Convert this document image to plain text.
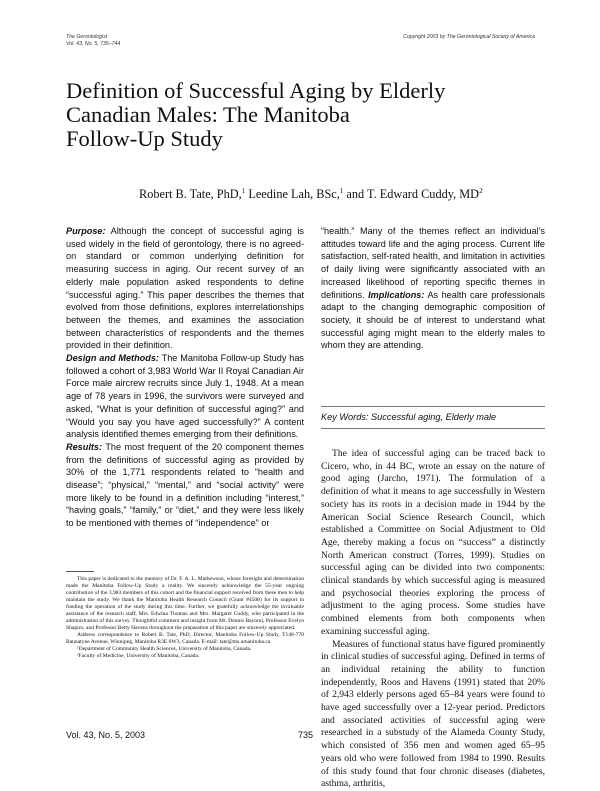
The Gerontologist
Vol. 43, No. 5, 735–744
Copyright 2003 by The Gerontological Society of America
Definition of Successful Aging by Elderly
Canadian Males: The Manitoba
Follow-Up Study
Robert B. Tate, PhD,$^1$ Leedine Lah, BSc,$^1$ and T. Edward Cuddy, $MD^2$

Purpose: Although the concept of successful aging is used widely in the field of gerontology, there is no agreed-on standard or common underlying definition for measuring success in aging. Our recent survey of an elderly male population asked respondents to define “successful aging.” This paper describes the themes that evolved from those definitions, explores interrelationships between the themes, and examines the association between characteristics of respondents and the themes provided in their definition.

Design and Methods: The Manitoba Follow-up Study has followed a cohort of 3,983 World War II Royal Canadian Air Force male aircrew recruits since July 1, 1948. At a mean age of 78 years in 1996, the survivors were surveyed and asked, “What is your definition of successful aging?” and “Would you say you have aged successfully?” A content analysis identified themes emerging from their definitions.

Results: The most frequent of the 20 component themes from the definitions of successful aging as provided by 30% of the 1,771 respondents related to “health and disease”; “physical,” “mental,” and “social activity” were more likely to be found in a definition including “interest,” “having goals,” “family,” or “diet,” and they were less likely to be mentioned with themes of “independence” or

“health.” Many of the themes reflect an individual’s attitudes toward life and the aging process. Current life satisfaction, self-rated health, and limitation in activities of daily living were significantly associated with an increased likelihood of reporting specific themes in definitions. Implications: As health care professionals adapt to the changing demographic composition of society, it should be of interest to understand what successful aging might mean to the elderly males to whom they are attending.

Key Words: Successful aging, Elderly male

The idea of successful aging can be traced back to Cicero, who, in 44 BC, wrote an essay on the nature of good aging (Jarcho, 1971). The formulation of a definition of what it means to age successfully in Western society has its roots in a decision made in 1944 by the American Social Science Research Council, which established a Committee on Social Adjustment to Old Age, thereby making a focus on “success” a distinctly North American construct (Torres, 1999). Studies on successful aging can be divided into two components: clinical standards by which successful aging is measured and psychosocial theories exploring the process of adjustment to the aging process. Some studies have combined elements from both components when examining successful aging.

Measures of functional status have figured prominently in clinical studies of successful aging. Defined in terms of an individual retaining the ability to function independently, Roos and Havens (1991) stated that 20% of 2,943 elderly persons aged 65–84 years were found to have aged successfully over a 12-year period. Predictors and associated activities of successful aging were researched in a substudy of the Alameda County Study, which consisted of 356 men and women aged 65–95 years old who were followed from 1984 to 1990. Results of this study found that four chronic diseases (diabetes, asthma, arthritis,

This paper is dedicated to the memory of Dr. F. A. L. Mathewson, whose foresight and determination made the Manitoba Follow-Up Study a reality. We sincerely acknowledge the 55-year ongoing contribution of the 3,983 members of this cohort and the financial support received from these men to help maintain the study. We thank the Manitoba Health Research Council (Grant #4508) for its support in funding the operation of the study during this time. Further, we gratefully acknowledge the invaluable assistance of the research staff, Mrs. Edwina Thomas and Mrs. Margaret Cuddy, who participated in the administration of this survey. Thoughtful comment and insight from Mr. Dennis Bayomi, Professor Evelyn Shapiro, and Professor Betty Havens throughout the preparation of this paper are sincerely appreciated.

Address correspondence to Robert B. Tate, PhD, Director, Manitoba Follow-Up Study, T148-770 Bannatyne Avenue, Winnipeg, Manitoba R3E 0W3, Canada. E-mail: tate@ms.umanitoba.ca

¹Department of Community Health Sciences, University of Manitoba, Canada.

²Faculty of Medicine, University of Manitoba, Canada.

Vol. 43, No. 5, 2003	735
